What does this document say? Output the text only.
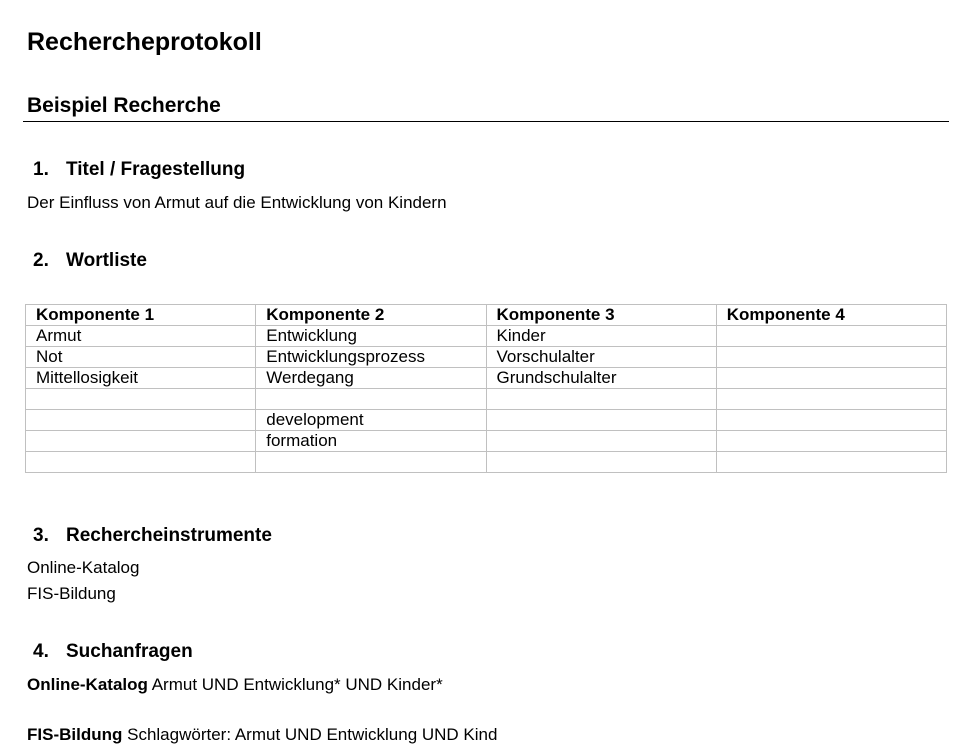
Rechercheprotokoll
Beispiel Recherche
1. Titel / Fragestellung

Der Einfluss von Armut auf die Entwicklung von Kindern

2. Wortliste
Komponente 1	Komponente 2	Komponente 3	Komponente 4
Armut	Entwicklung	Kinder	
Not	Entwicklungsprozess	Vorschulalter	
Mittellosigkeit	Werdegang	Grundschulalter	

	development		
	formation		

3. Rechercheinstrumente

Online-Katalog

FIS-Bildung

4. Suchanfragen

Online-Katalog Armut UND Entwicklung* UND Kinder*

FIS-Bildung Schlagwörter: Armut UND Entwicklung UND Kind
